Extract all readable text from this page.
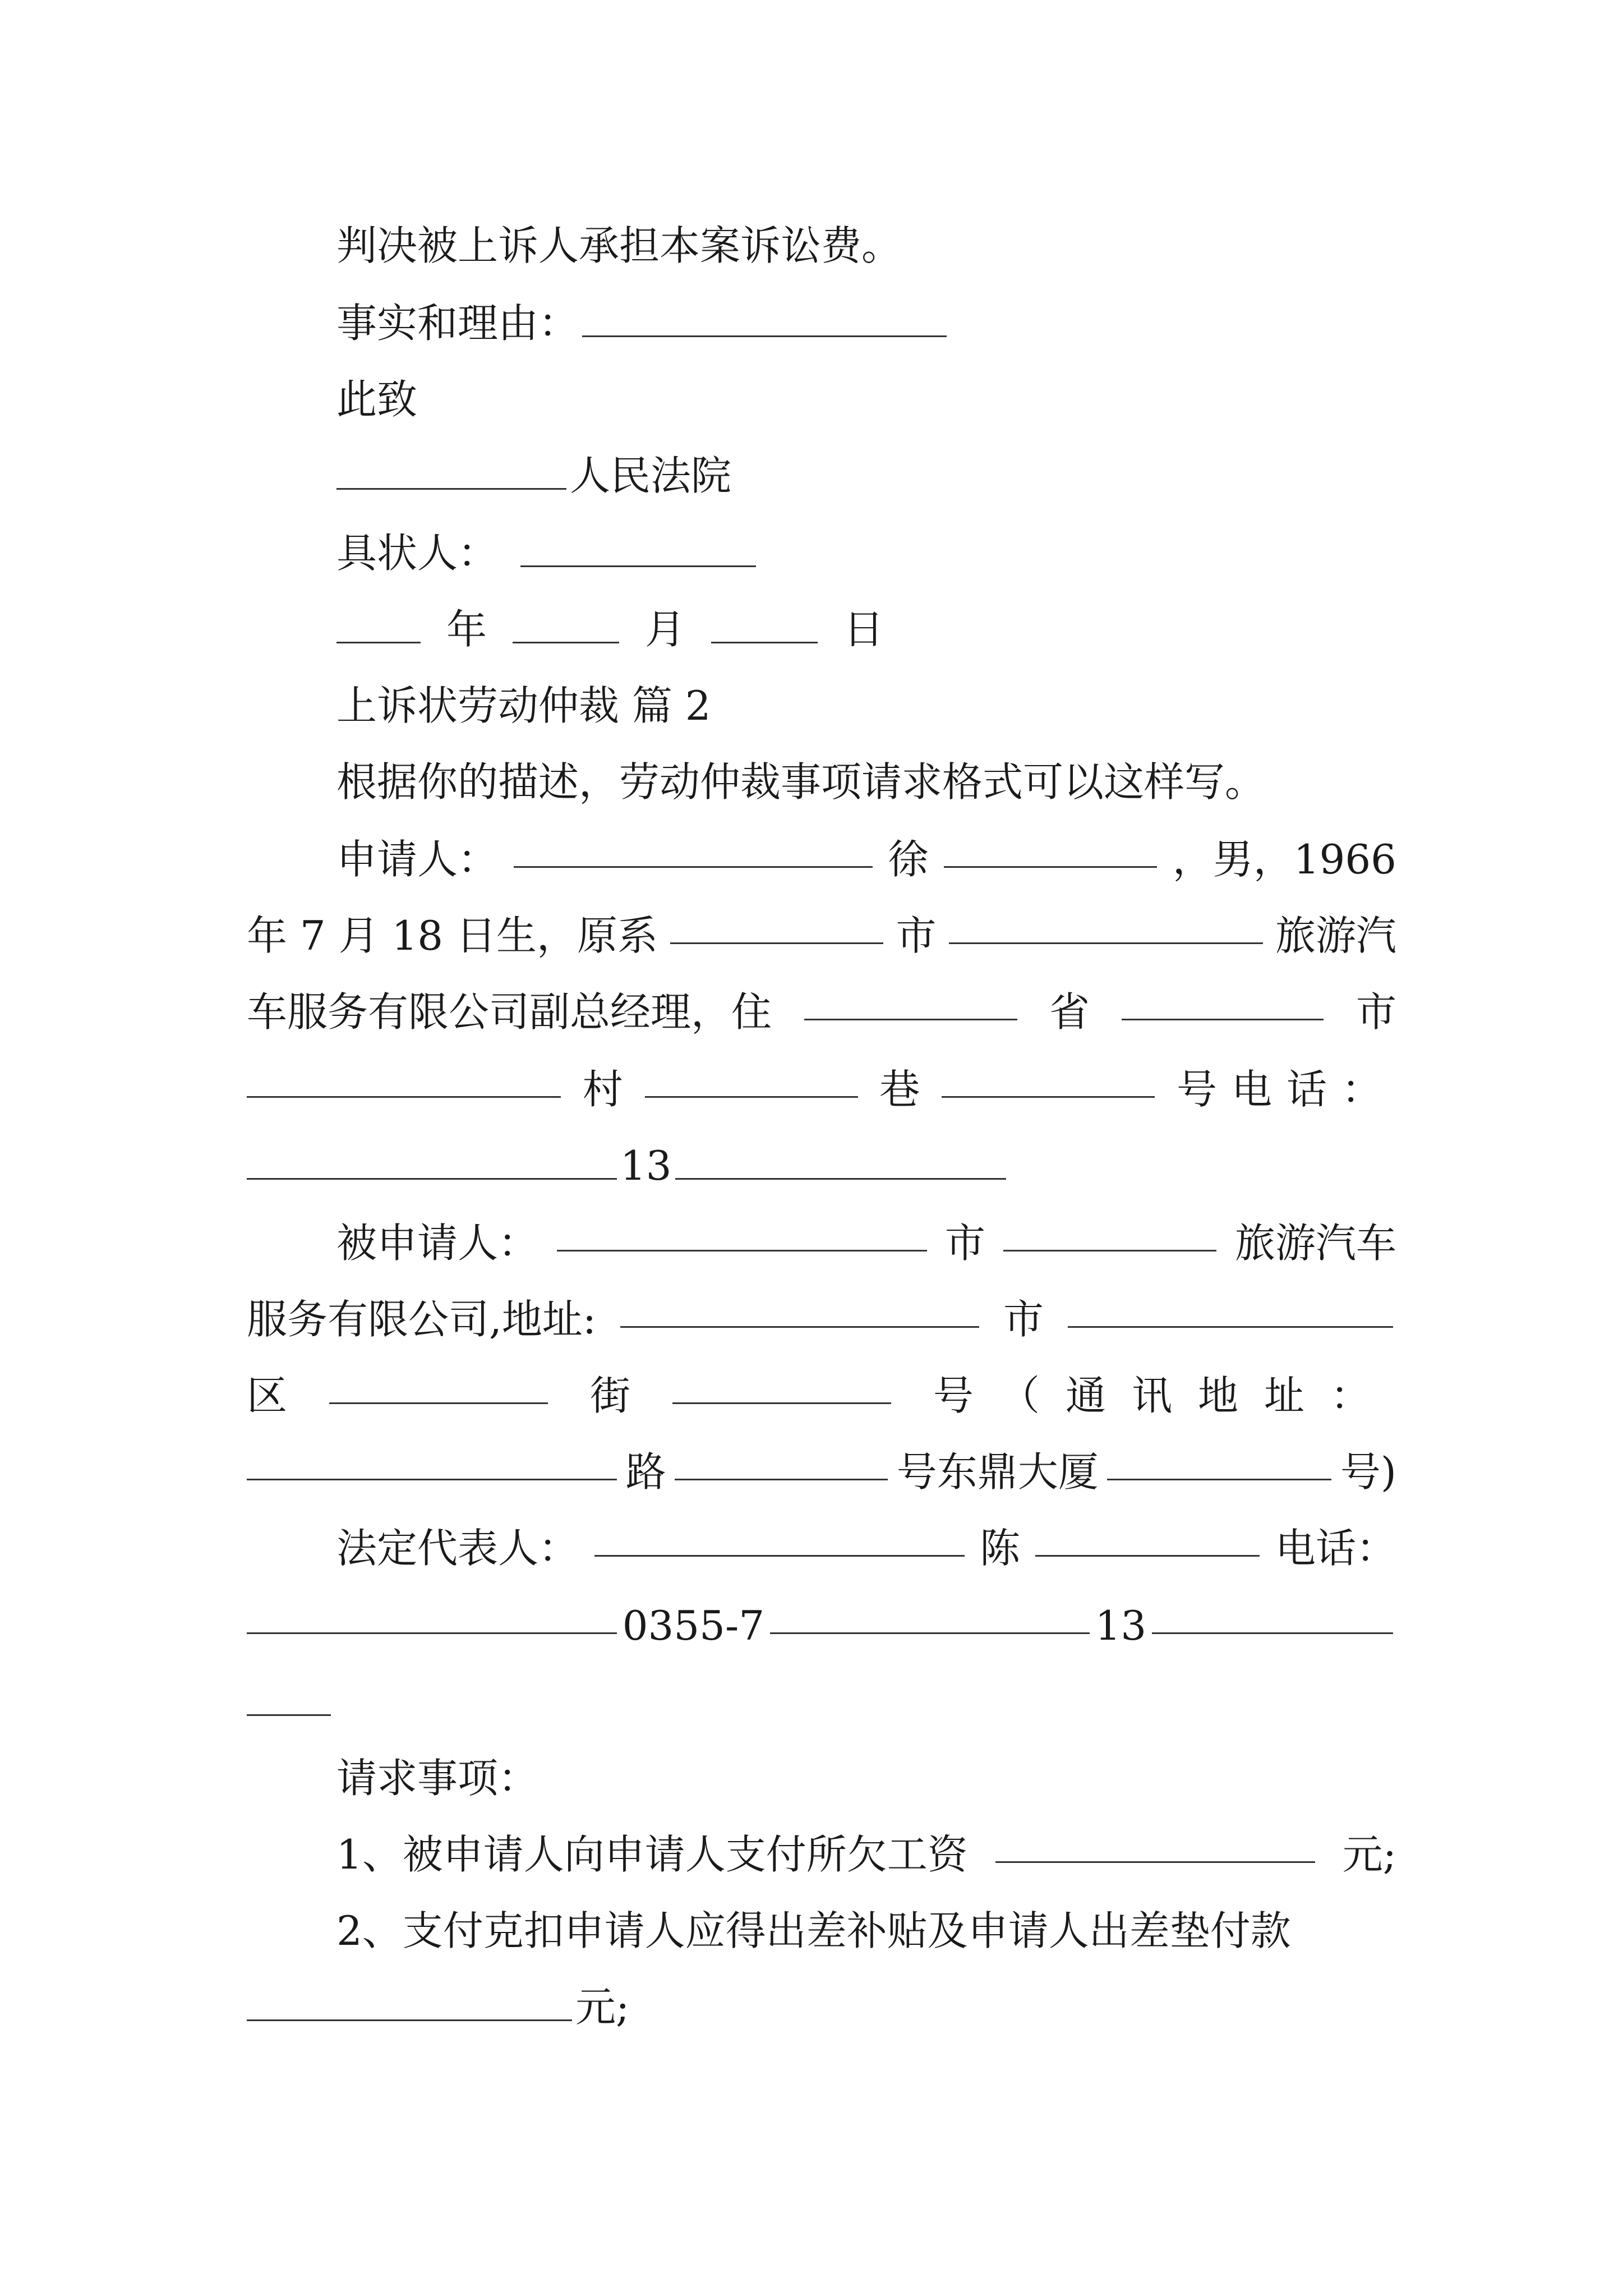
判决被上诉人承担本案诉讼费。
事实和理由：
此致
人民法院
具状人：
年	月	日
上诉状劳动仲裁 篇 2
根据你的描述，劳动仲裁事项请求格式可以这样写。
申请人：	徐	，男，1966
年 7 月 18 日生，原系	市	旅游汽
车服务有限公司副总经理，住	省	市
村	巷	号电话：
13
被申请人：	市	旅游汽车
服务有限公司,地址:	市
区	街	号（通讯地址：
路	号东鼎大厦	号)
法定代表人：	陈	电话：
0355-7	13
请求事项：
1、被申请人向申请人支付所欠工资	元;
2、支付克扣申请人应得出差补贴及申请人出差垫付款
元;
